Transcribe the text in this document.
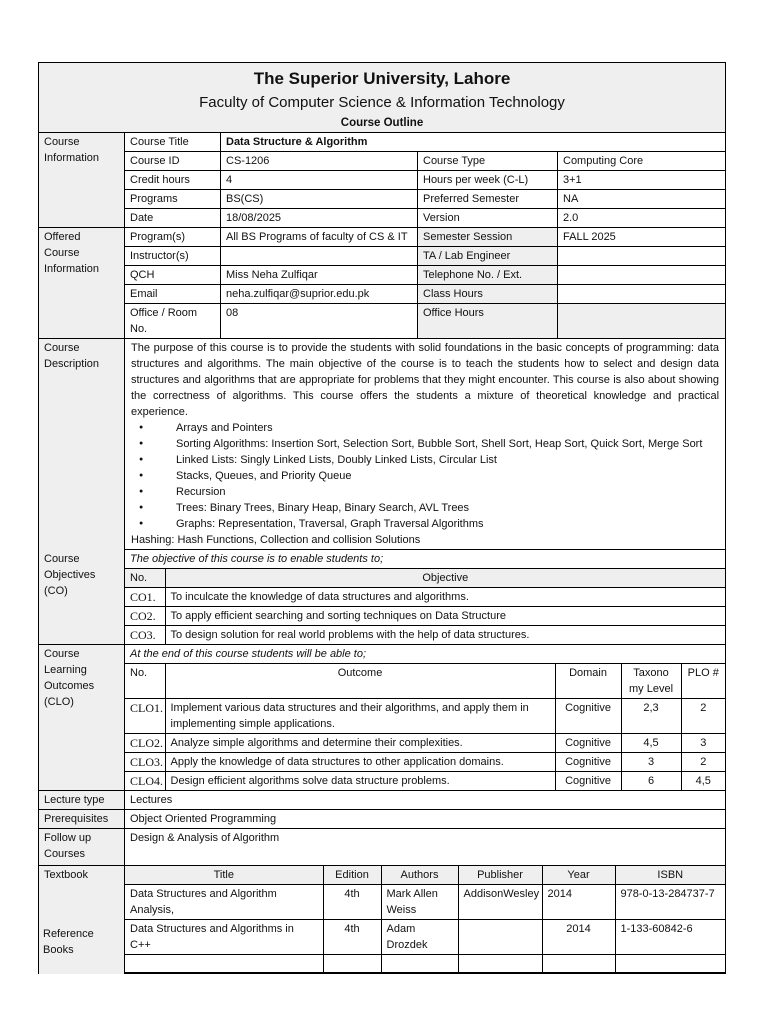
The Superior University, Lahore
Faculty of Computer Science & Information Technology
Course Outline

Course
Information
	Course Title	Data Structure & Algorithm
Course ID	CS-1206	Course Type	Computing Core
Credit hours	4	Hours per week (C-L)	3+1
Programs	BS(CS)	Preferred Semester	NA
Date	18/08/2025	Version	2.0

Offered
Course
Information
	Program(s)	All BS Programs of faculty of CS & IT	Semester Session	FALL 2025
Instructor(s)		TA / Lab Engineer	
QCH	Miss Neha Zulfiqar	Telephone No. / Ext.	
Email	neha.zulfiqar@suprior.edu.pk	Class Hours	
Office / Room No.	08	Office Hours	

Course
Description

The purpose of this course is to provide the students with solid foundations in the basic concepts of programming: data structures and algorithms. The main objective of the course is to teach the students how to select and design data structures and algorithms that are appropriate for problems that they might encounter. This course is also about showing the correctness of algorithms. This course offers the students a mixture of theoretical knowledge and practical experience.
● Arrays and Pointers
● Sorting Algorithms: Insertion Sort, Selection Sort, Bubble Sort, Shell Sort, Heap Sort, Quick Sort, Merge Sort
● Linked Lists: Singly Linked Lists, Doubly Linked Lists, Circular List
● Stacks, Queues, and Priority Queue
● Recursion
● Trees: Binary Trees, Binary Heap, Binary Search, AVL Trees
● Graphs: Representation, Traversal, Graph Traversal Algorithms
Hashing: Hash Functions, Collection and collision Solutions

Course
Objectives
(CO)

The objective of this course is to enable students to;
No.	Objective
CO1.	To inculcate the knowledge of data structures and algorithms.
CO2.	To apply efficient searching and sorting techniques on Data Structure
CO3.	To design solution for real world problems with the help of data structures.

Course
Learning
Outcomes
(CLO)

At the end of this course students will be able to;
No.	Outcome	Domain	Taxono my Level	PLO #
CLO1.	Implement various data structures and their algorithms, and apply them in implementing simple applications.	Cognitive	2,3	2
CLO2.	Analyze simple algorithms and determine their complexities.	Cognitive	4,5	3
CLO3.	Apply the knowledge of data structures to other application domains.	Cognitive	3	2
CLO4.	Design efficient algorithms solve data structure problems.	Cognitive	6	4,5

Lecture type	Lectures
Prerequisites	Object Oriented Programming
Follow up Courses	Design & Analysis of Algorithm
Textbook		Title	Edition	Authors	Publisher	Year	ISBN
Data Structures and Algorithm Analysis,	4th	Mark Allen Weiss	AddisonWesley	2014	978-0-13-284737-7
Data Structures and Algorithms in C++	4th	Adam Drozdek		2014	1-133-60842-6

Reference Books
